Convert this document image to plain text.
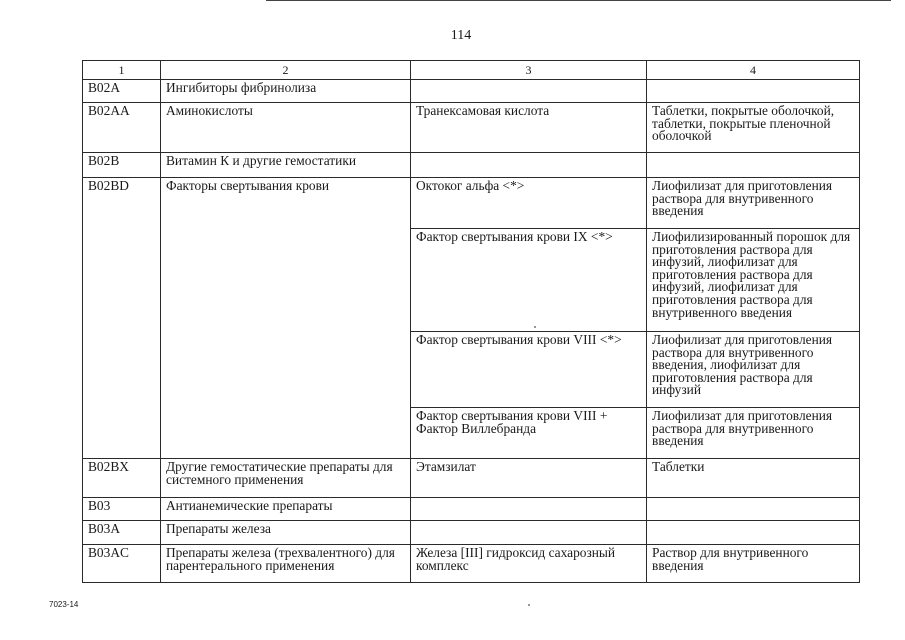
114
1	2	3	4
B02A	Ингибиторы фибринолиза		
B02AA	Аминокислоты	Транексамовая кислота	Таблетки, покрытые оболочкой, таблетки, покрытые пленочной оболочкой
B02B	Витамин К и другие гемостатики		
B02BD	Факторы свертывания крови	Октоког альфа <*>	Лиофилизат для приготовления раствора для внутривенного введения
		Фактор свертывания крови IX <*>	Лиофилизированный порошок для приготовления раствора для инфузий, лиофилизат для приготовления раствора для инфузий, лиофилизат для приготовления раствора для внутривенного введения
		Фактор свертывания крови VIII <*>	Лиофилизат для приготовления раствора для внутривенного введения, лиофилизат для приготовления раствора для инфузий
		Фактор свертывания крови VIII + Фактор Виллебранда	Лиофилизат для приготовления раствора для внутривенного введения
B02BX	Другие гемостатические препараты для системного применения	Этамзилат	Таблетки
B03	Антианемические препараты		
B03A	Препараты железа		
B03AC	Препараты железа (трехвалентного) для парентерального применения	Железа [III] гидроксид сахарозный комплекс	Раствор для внутривенного введения
7023-14
